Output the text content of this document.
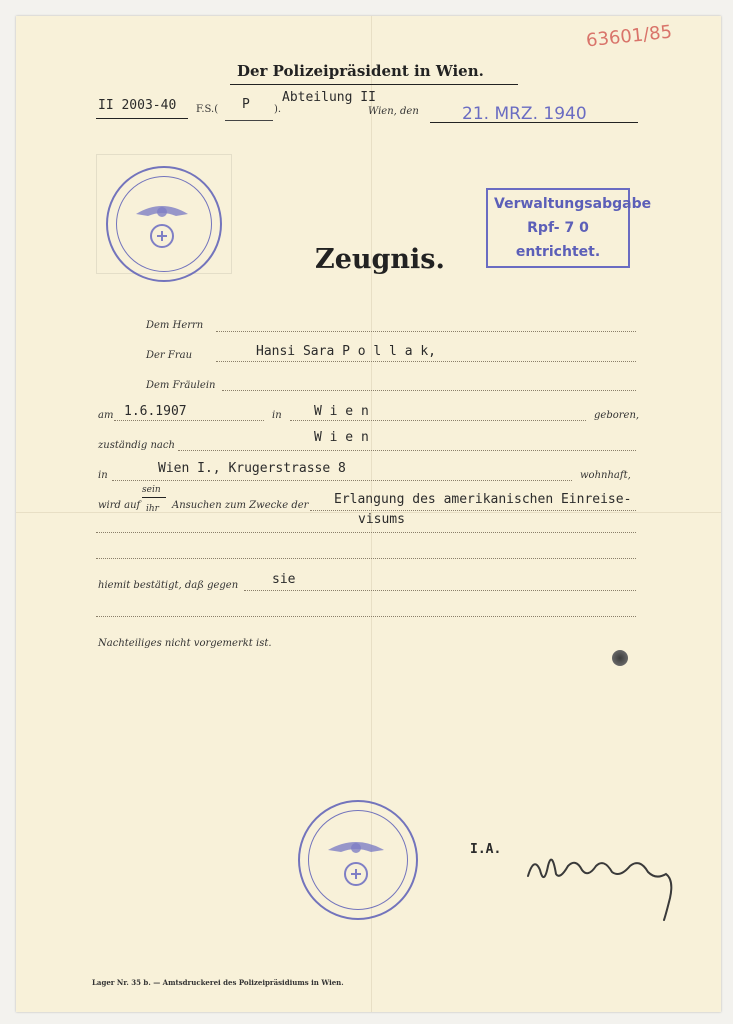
63601/85
Der Polizeipräsident in Wien.
II 2003-40 F.S.( P ).
Abteilung II
Wien, den	21. MRZ. 1940
Verwaltungsabgabe
Rpf- 7 0 entrichtet.
Zeugnis.
Dem Herrn
Der Frau	Hansi Sara P o l l a k,
Dem Fräulein
am 1.6.1907	in W i e n	geboren,
zuständig nach
W i e n
in	Wien I., Krugerstrasse 8	wohnhaft,
wird auf
sein
ihr Ansuchen zum Zwecke der Erlangung des amerikanischen Einreise-
visums
hiemit bestätigt, daß gegen	sie
Nachteiliges nicht vorgemerkt ist.
I.A.
Lager Nr. 35 b. — Amtsdruckerei des Polizeipräsidiums in Wien.
